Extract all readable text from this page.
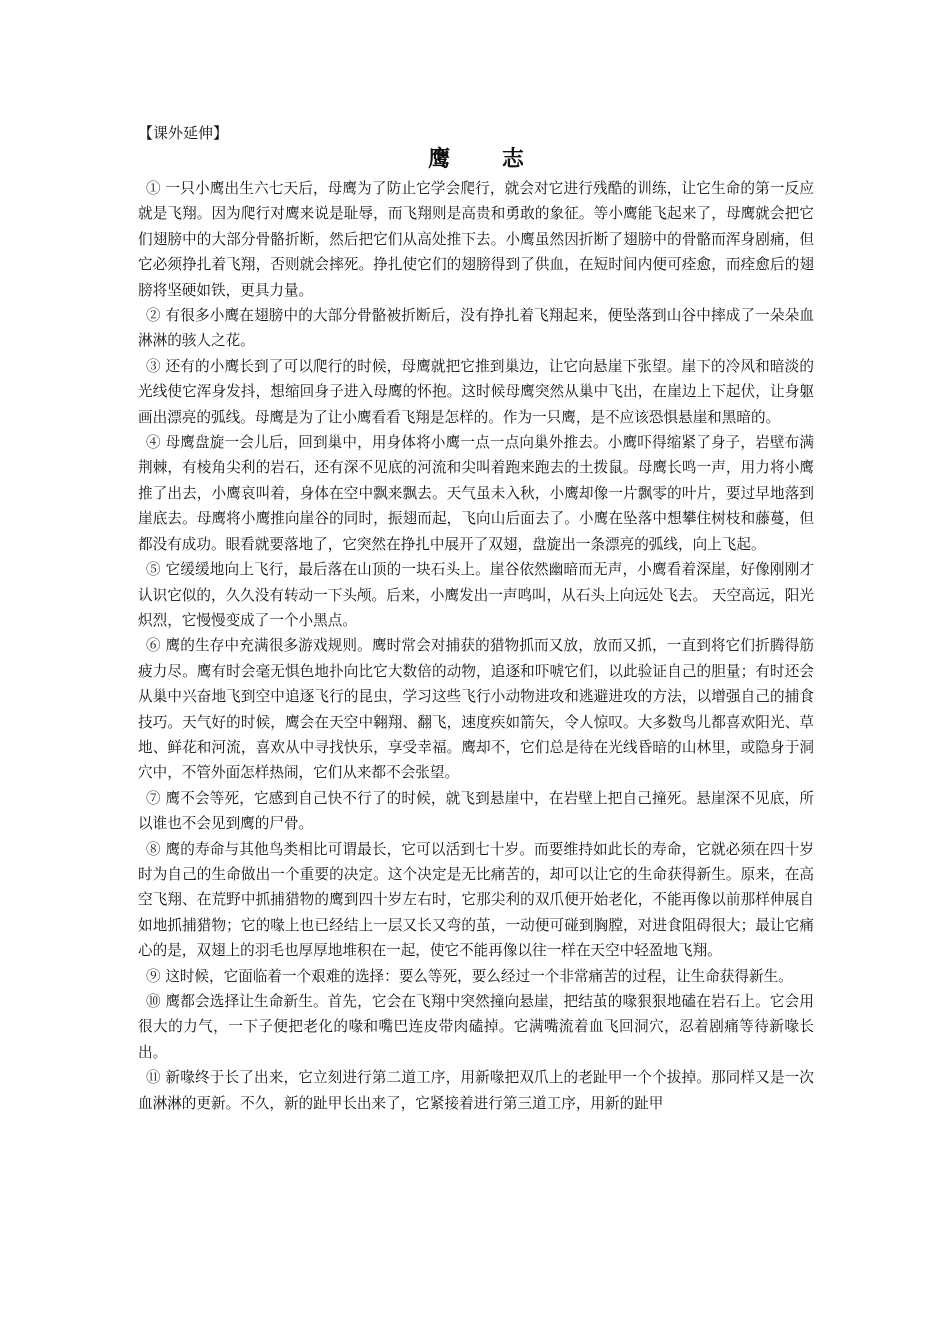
【课外延伸】
鹰 志

① 一只小鹰出生六七天后，母鹰为了防止它学会爬行，就会对它进行残酷的训练，让它生命的第一反应就是飞翔。因为爬行对鹰来说是耻辱，而飞翔则是高贵和勇敢的象征。等小鹰能飞起来了，母鹰就会把它们翅膀中的大部分骨骼折断，然后把它们从高处推下去。小鹰虽然因折断了翅膀中的骨骼而浑身剧痛，但它必须挣扎着飞翔，否则就会摔死。挣扎使它们的翅膀得到了供血，在短时间内便可痊愈，而痊愈后的翅膀将坚硬如铁，更具力量。

② 有很多小鹰在翅膀中的大部分骨骼被折断后，没有挣扎着飞翔起来，便坠落到山谷中摔成了一朵朵血淋淋的骇人之花。

③ 还有的小鹰长到了可以爬行的时候，母鹰就把它推到巢边，让它向悬崖下张望。崖下的冷风和暗淡的光线使它浑身发抖，想缩回身子进入母鹰的怀抱。这时候母鹰突然从巢中飞出，在崖边上下起伏，让身躯画出漂亮的弧线。母鹰是为了让小鹰看看飞翔是怎样的。作为一只鹰，是不应该恐惧悬崖和黑暗的。

④ 母鹰盘旋一会儿后，回到巢中，用身体将小鹰一点一点向巢外推去。小鹰吓得缩紧了身子，岩壁布满荆棘，有棱角尖利的岩石，还有深不见底的河流和尖叫着跑来跑去的土拨鼠。母鹰长鸣一声，用力将小鹰推了出去，小鹰哀叫着，身体在空中飘来飘去。天气虽未入秋，小鹰却像一片飘零的叶片，要过早地落到崖底去。母鹰将小鹰推向崖谷的同时，振翅而起，飞向山后面去了。小鹰在坠落中想攀住树枝和藤蔓，但都没有成功。眼看就要落地了，它突然在挣扎中展开了双翅，盘旋出一条漂亮的弧线，向上飞起。

⑤ 它缓缓地向上飞行，最后落在山顶的一块石头上。崖谷依然幽暗而无声，小鹰看着深崖，好像刚刚才认识它似的，久久没有转动一下头颅。后来，小鹰发出一声鸣叫，从石头上向远处飞去。 天空高远，阳光炽烈，它慢慢变成了一个小黑点。

⑥ 鹰的生存中充满很多游戏规则。鹰时常会对捕获的猎物抓而又放，放而又抓，一直到将它们折腾得筋疲力尽。鹰有时会毫无惧色地扑向比它大数倍的动物，追逐和吓唬它们，以此验证自己的胆量；有时还会从巢中兴奋地飞到空中追逐飞行的昆虫，学习这些飞行小动物进攻和逃避进攻的方法，以增强自己的捕食技巧。天气好的时候，鹰会在天空中翱翔、翻飞，速度疾如箭矢，令人惊叹。大多数鸟儿都喜欢阳光、草地、鲜花和河流，喜欢从中寻找快乐，享受幸福。鹰却不，它们总是待在光线昏暗的山林里，或隐身于洞穴中，不管外面怎样热闹，它们从来都不会张望。

⑦ 鹰不会等死，它感到自己快不行了的时候，就飞到悬崖中，在岩壁上把自己撞死。悬崖深不见底，所以谁也不会见到鹰的尸骨。

⑧ 鹰的寿命与其他鸟类相比可谓最长，它可以活到七十岁。而要维持如此长的寿命，它就必须在四十岁时为自己的生命做出一个重要的决定。这个决定是无比痛苦的，却可以让它的生命获得新生。原来，在高空飞翔、在荒野中抓捕猎物的鹰到四十岁左右时，它那尖利的双爪便开始老化，不能再像以前那样伸展自如地抓捕猎物；它的喙上也已经结上一层又长又弯的茧，一动便可碰到胸膛，对进食阻碍很大；最让它痛心的是，双翅上的羽毛也厚厚地堆积在一起，使它不能再像以往一样在天空中轻盈地飞翔。

⑨ 这时候，它面临着一个艰难的选择：要么等死，要么经过一个非常痛苦的过程，让生命获得新生。

⑩ 鹰都会选择让生命新生。首先，它会在飞翔中突然撞向悬崖，把结茧的喙狠狠地磕在岩石上。它会用很大的力气，一下子便把老化的喙和嘴巴连皮带肉磕掉。它满嘴流着血飞回洞穴，忍着剧痛等待新喙长出。

⑪ 新喙终于长了出来，它立刻进行第二道工序，用新喙把双爪上的老趾甲一个个拔掉。那同样又是一次血淋淋的更新。不久，新的趾甲长出来了，它紧接着进行第三道工序，用新的趾甲
